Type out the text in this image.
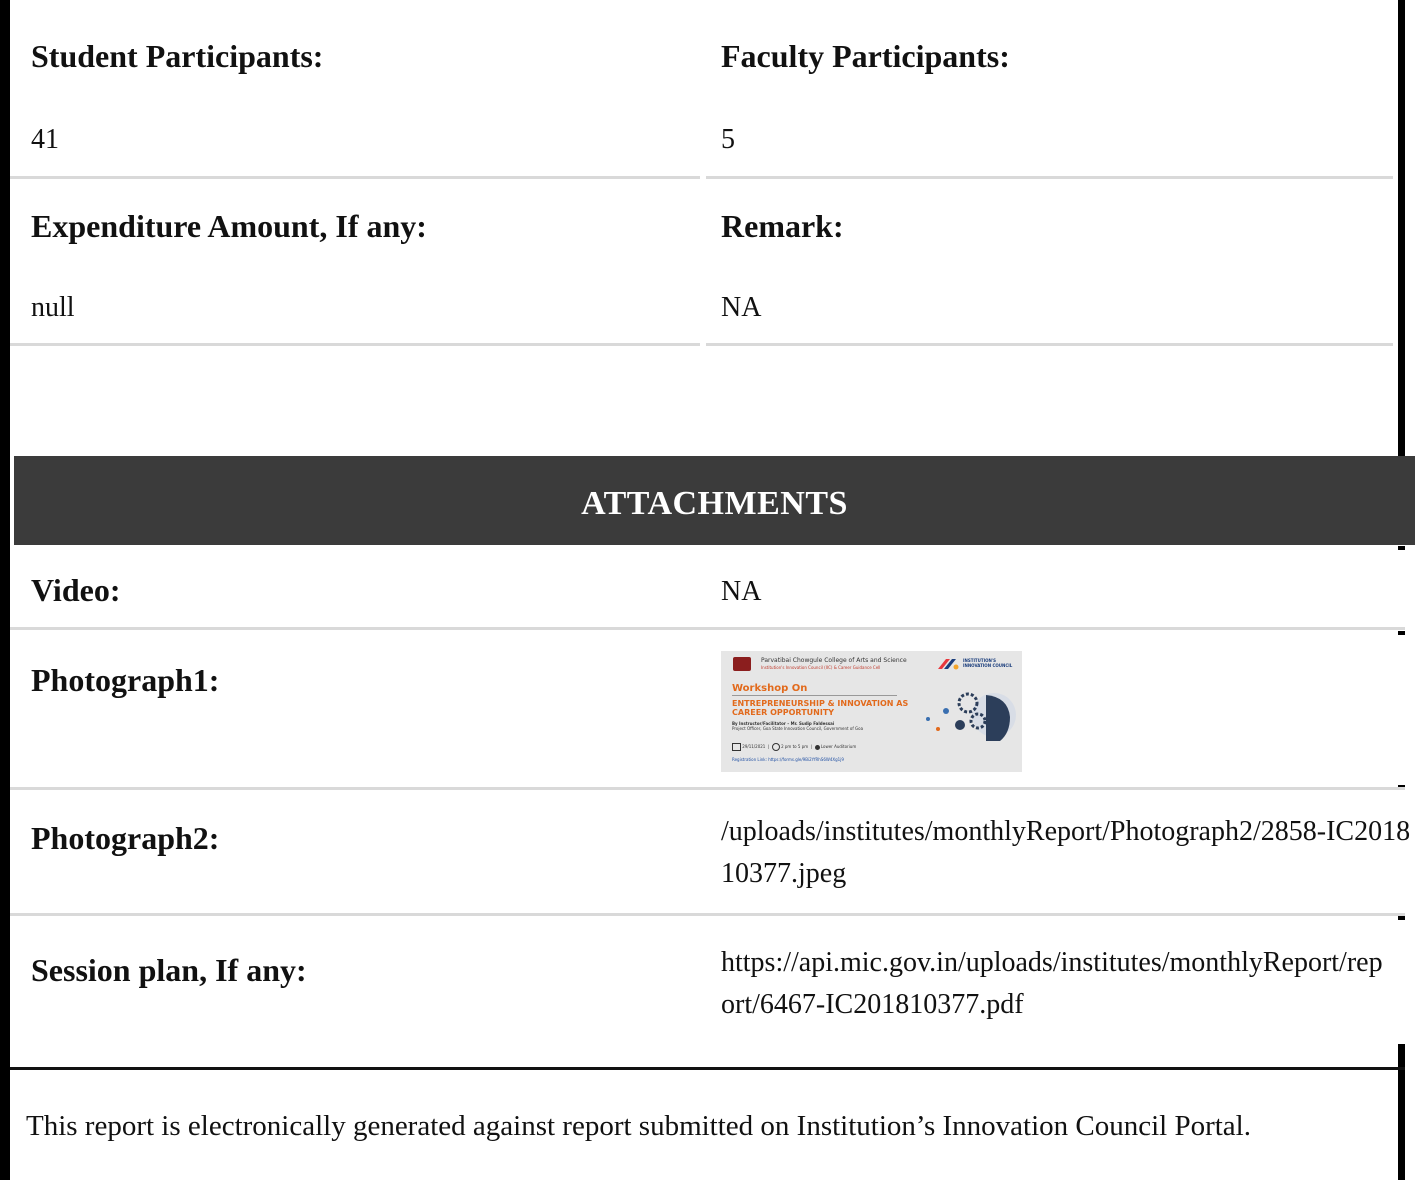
Student Participants:	Faculty Participants:
41	5
Expenditure Amount, If any:	Remark:
null	NA
ATTACHMENTS
Video:	NA
Photograph1:
Parvatibai Chowgule College of Arts and Science
Institution's Innovation Council (IIC) & Career Guidance Cell
INSTITUTION'S INNOVATION COUNCIL
Workshop On
ENTREPRENEURSHIP & INNOVATION AS CAREER OPPORTUNITY
By Instructor/Facilitator – Mr. Sudip Faldessai
Project Officer, Goa State Innovation Council, Government of Goa
29/11/2021  |   2 pm to 5 pm  |   Lower Auditorium
Registration Link: https://forms.gle/9Bi2YfRhS6W4Xg1j9
Photograph2:	/uploads/institutes/monthlyReport/Photograph2/2858-IC201810377.jpeg
Session plan, If any:	https://api.mic.gov.in/uploads/institutes/monthlyReport/report/6467-IC201810377.pdf
This report is electronically generated against report submitted on Institution’s Innovation Council Portal.
